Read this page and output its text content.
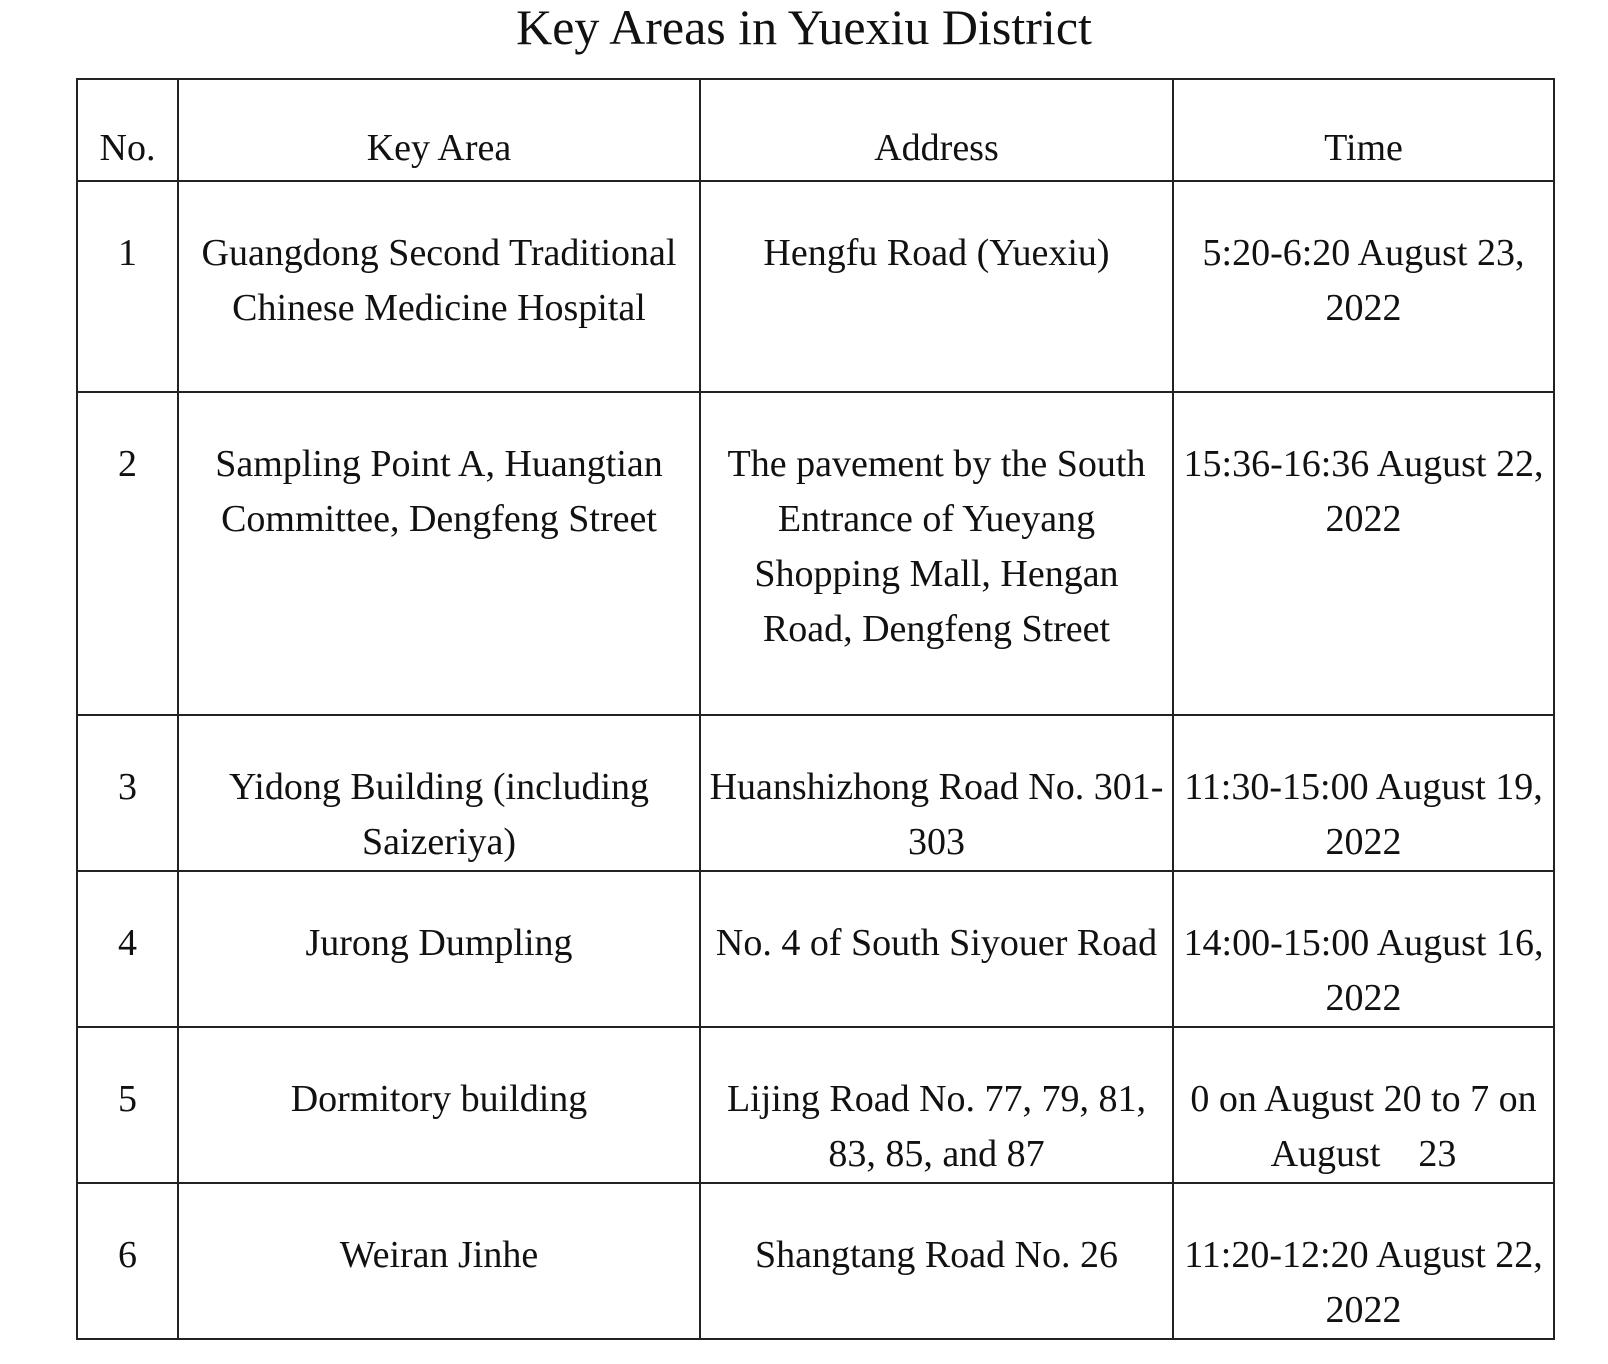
Key Areas in Yuexiu District
No.	Key Area	Address	Time
1	Guangdong Second Traditional Chinese Medicine Hospital	Hengfu Road (Yuexiu)	5:20-6:20 August 23, 2022
2	Sampling Point A, Huangtian Committee, Dengfeng Street	The pavement by the South Entrance of Yueyang Shopping Mall, Hengan Road, Dengfeng Street	15:36-16:36 August 22, 2022
3	Yidong Building (including Saizeriya)	Huanshizhong Road No. 301-303	11:30-15:00 August 19, 2022
4	Jurong Dumpling	No. 4 of South Siyouer Road	14:00-15:00 August 16, 2022
5	Dormitory building	Lijing Road No. 77, 79, 81, 83, 85, and 87	0 on August 20 to 7 on August　23
6	Weiran Jinhe	Shangtang Road No. 26	11:20-12:20 August 22, 2022
